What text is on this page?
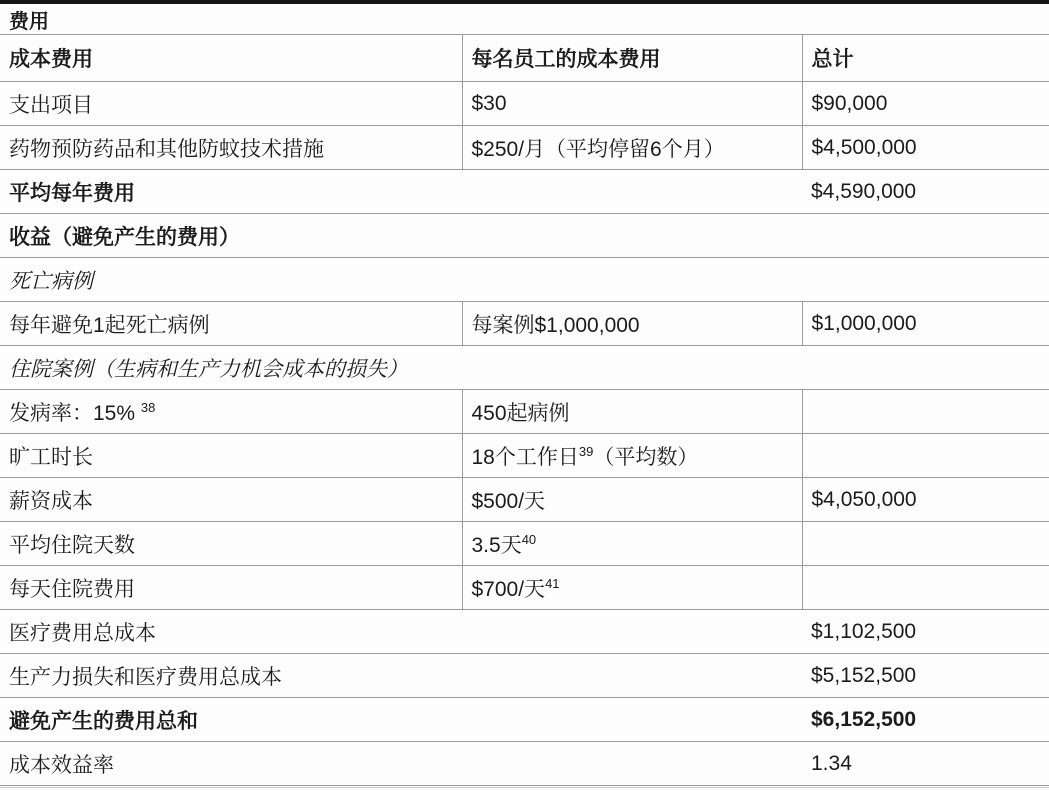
费用		
成本费用	每名员工的成本费用	总计
支出项目	$30	$90,000
药物预防药品和其他防蚊技术措施	$250/月（平均停留6个月）	$4,500,000
平均每年费用		$4,590,000
收益（避免产生的费用）		
死亡病例		
每年避免1起死亡病例	每案例$1,000,000	$1,000,000
住院案例（生病和生产力机会成本的损失）		
发病率：15% $^{38}$	450起病例	
旷工时长	18个工作日$^{39}$（平均数）	
薪资成本	$500/天	$4,050,000
平均住院天数	3.5天$^{40}$	
每天住院费用	$700/天$^{41}$	
医疗费用总成本		$1,102,500
生产力损失和医疗费用总成本		$5,152,500
避免产生的费用总和		$6,152,500
成本效益率		1.34
